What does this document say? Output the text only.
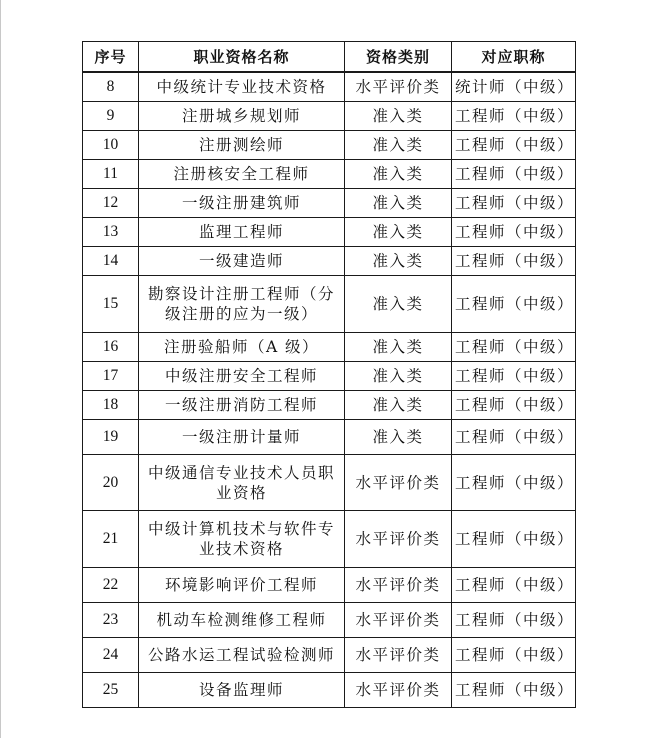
序号	职业资格名称	资格类别	对应职称
8	中级统计专业技术资格	水平评价类	统计师（中级）
9	注册城乡规划师	准入类	工程师（中级）
10	注册测绘师	准入类	工程师（中级）
11	注册核安全工程师	准入类	工程师（中级）
12	一级注册建筑师	准入类	工程师（中级）
13	监理工程师	准入类	工程师（中级）
14	一级建造师	准入类	工程师（中级）
15	勘察设计注册工程师（分级注册的应为一级）	准入类	工程师（中级）
16	注册验船师（A 级）	准入类	工程师（中级）
17	中级注册安全工程师	准入类	工程师（中级）
18	一级注册消防工程师	准入类	工程师（中级）
19	一级注册计量师	准入类	工程师（中级）
20	中级通信专业技术人员职业资格	水平评价类	工程师（中级）
21	中级计算机技术与软件专业技术资格	水平评价类	工程师（中级）
22	环境影响评价工程师	水平评价类	工程师（中级）
23	机动车检测维修工程师	水平评价类	工程师（中级）
24	公路水运工程试验检测师	水平评价类	工程师（中级）
25	设备监理师	水平评价类	工程师（中级）
